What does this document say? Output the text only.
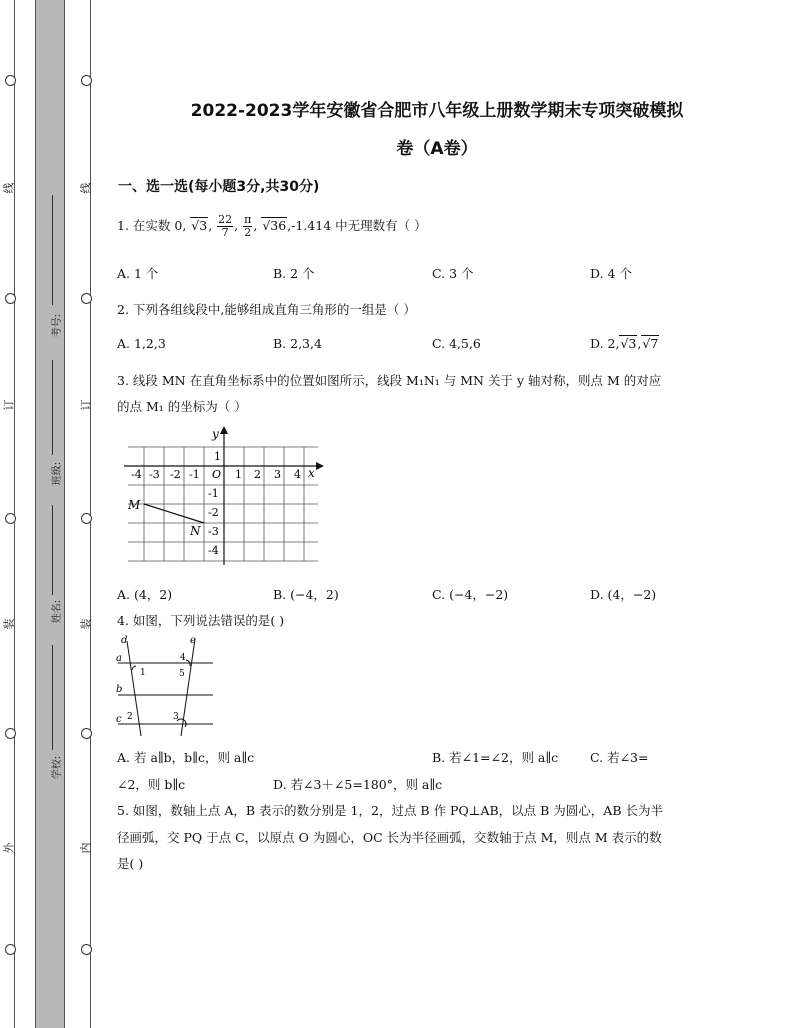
线
订
装
外
线
订
装
内
考号:
班级:
姓名:
学校:
2022-2023学年安徽省合肥市八年级上册数学期末专项突破模拟
卷（A卷）
一、选一选(每小题3分,共30分)
1. 在实数 0, √3, $\frac{22}{7}$ , $\frac{\pi}{2}$ , √36,-1.414 中无理数有（ ）
A. 1 个	B. 2 个	C. 3 个	D. 4 个
2. 下列各组线段中,能够组成直角三角形的一组是（ ）
A. 1,2,3	B. 2,3,4	C. 4,5,6	D. 2,√3,√7
3. 线段 MN 在直角坐标系中的位置如图所示，线段 M₁N₁ 与 MN 关于 y 轴对称，则点 M 的对应
的点 M₁ 的坐标为（ ）
y
x
-4 -3 -2 -1 O 1 2 3 4
1
-1
-2
-3
-4
M
N
A. (4，2)	B. (−4，2)	C. (−4，−2)	D. (4，−2)
4. 如图，下列说法错误的是( )
d	e
a
b
c
1
2	3
4
5
A. 若 a∥b，b∥c，则 a∥c	B. 若∠1=∠2，则 a∥c	C. 若∠3=
∠2，则 b∥c	D. 若∠3＋∠5=180°，则 a∥c
5. 如图，数轴上点 A，B 表示的数分别是 1，2，过点 B 作 PQ⊥AB，以点 B 为圆心，AB 长为半
径画弧，交 PQ 于点 C，以原点 O 为圆心，OC 长为半径画弧，交数轴于点 M，则点 M 表示的数
是( )
